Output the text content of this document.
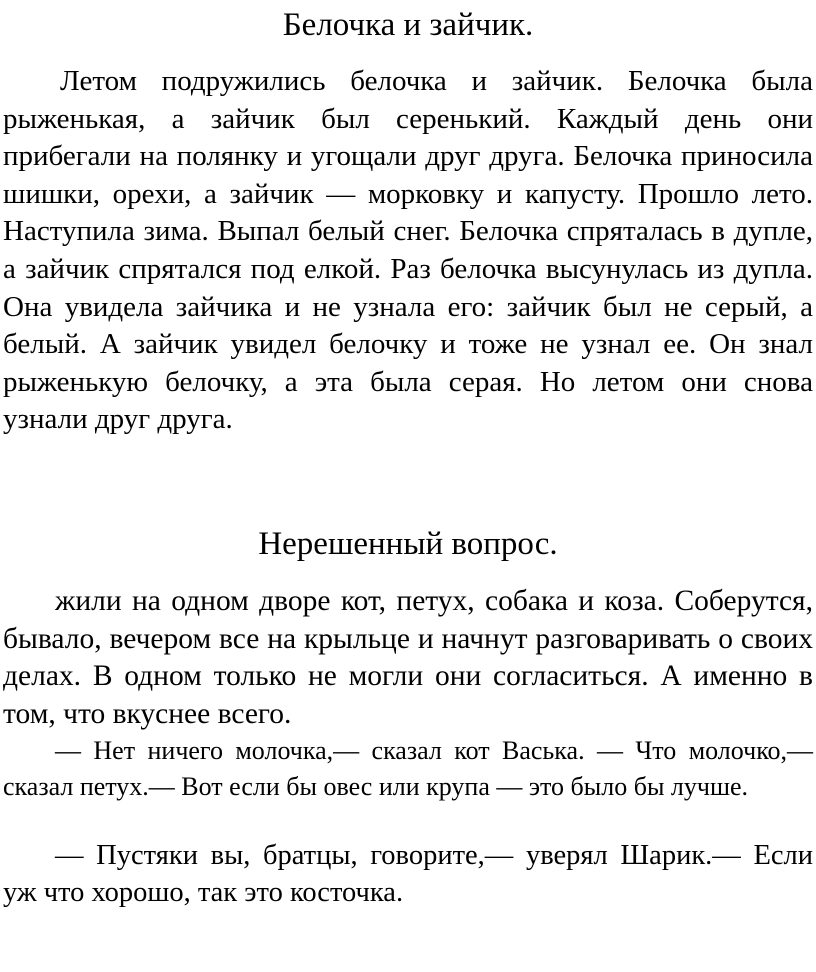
Белочка и зайчик.

Летом подружились белочка и зайчик. Белочка была рыженькая, а зайчик был серенький. Каждый день они прибегали на полянку и угощали друг друга. Белочка приносила шишки, орехи, а зайчик — морковку и капусту. Прошло лето. Наступила зима. Выпал белый снег. Белочка спряталась в дупле, а зайчик спрятался под елкой. Раз белочка высунулась из дупла. Она увидела зайчика и не узнала его: зайчик был не серый, а белый. А зайчик увидел белочку и тоже не узнал ее. Он знал рыженькую белочку, а эта была серая. Но летом они снова узнали друг друга.

Нерешенный вопрос.

жили на одном дворе кот, петух, собака и коза. Соберутся, бывало, вечером все на крыльце и начнут разговаривать о своих делах. В одном только не могли они согласиться. А именно в том, что вкуснее всего.

— Нет ничего молочка,— сказал кот Васька. — Что молочко,— сказал петух.— Вот если бы овес или крупа — это было бы лучше.

— Пустяки вы, братцы, говорите,— уверял Шарик.— Если уж что хорошо, так это косточка.
